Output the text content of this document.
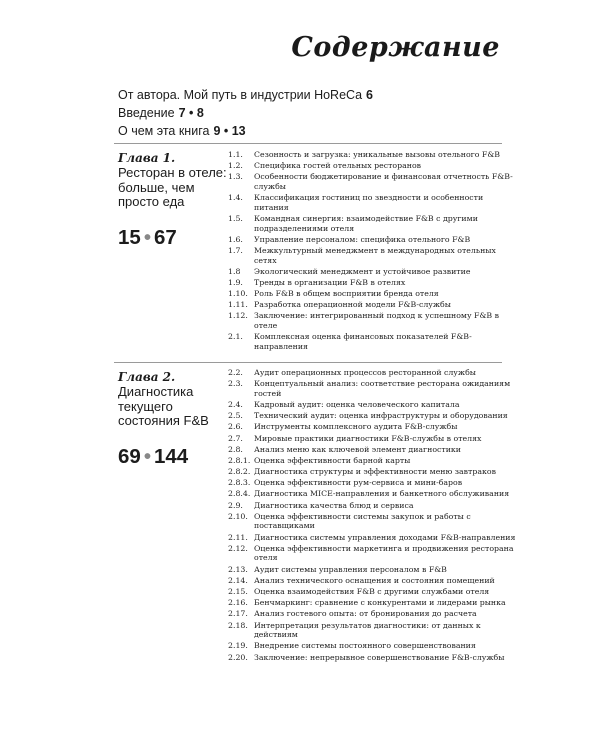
Содержание
От автора. Мой путь в индустрии HoReCa 6
Введение 7 • 8
О чем эта книга 9 • 13
Глава 1.
Ресторан в отеле: больше, чем просто еда
15 • 67
1.1.	Сезонность и загрузка: уникальные вызовы отельного F&B
1.2.	Специфика гостей отельных ресторанов
1.3.	Особенности бюджетирование и финансовая отчетность F&B-службы
1.4.	Классификация гостиниц по звездности и особенности питания
1.5.	Командная синергия: взаимодействие F&B с другими подразделениями отеля
1.6.	Управление персоналом: специфика отельного F&B
1.7.	Межкультурный менеджмент в международных отельных сетях
1.8	Экологический менеджмент и устойчивое развитие
1.9.	Тренды в организации F&B в отелях
1.10. Роль F&B в общем восприятии бренда отеля
1.11. Разработка операционной модели F&B-службы
1.12. Заключение: интегрированный подход к успешному F&B в отеле
2.1.	Комплексная оценка финансовых показателей F&B-направления
Глава 2.
Диагностика текущего состояния F&B
69 • 144
2.2.	Аудит операционных процессов ресторанной службы
2.3.	Концептуальный анализ: соответствие ресторана ожиданиям гостей
2.4.	Кадровый аудит: оценка человеческого капитала
2.5.	Технический аудит: оценка инфраструктуры и оборудования
2.6.	Инструменты комплексного аудита F&B-службы
2.7.	Мировые практики диагностики F&B-службы в отелях
2.8.	Анализ меню как ключевой элемент диагностики
2.8.1. Оценка эффективности барной карты
2.8.2. Диагностика структуры и эффективности меню завтраков
2.8.3. Оценка эффективности рум-сервиса и мини-баров
2.8.4. Диагностика MICE-направления и банкетного обслуживания
2.9.	Диагностика качества блюд и сервиса
2.10. Оценка эффективности системы закупок и работы с поставщиками
2.11. Диагностика системы управления доходами F&B-направления
2.12. Оценка эффективности маркетинга и продвижения ресторана отеля
2.13. Аудит системы управления персоналом в F&B
2.14. Анализ технического оснащения и состояния помещений
2.15. Оценка взаимодействия F&B с другими службами отеля
2.16. Бенчмаркинг: сравнение с конкурентами и лидерами рынка
2.17. Анализ гостевого опыта: от бронирования до расчета
2.18. Интерпретация результатов диагностики: от данных к действиям
2.19. Внедрение системы постоянного совершенствования
2.20. Заключение: непрерывное совершенствование F&B-службы
